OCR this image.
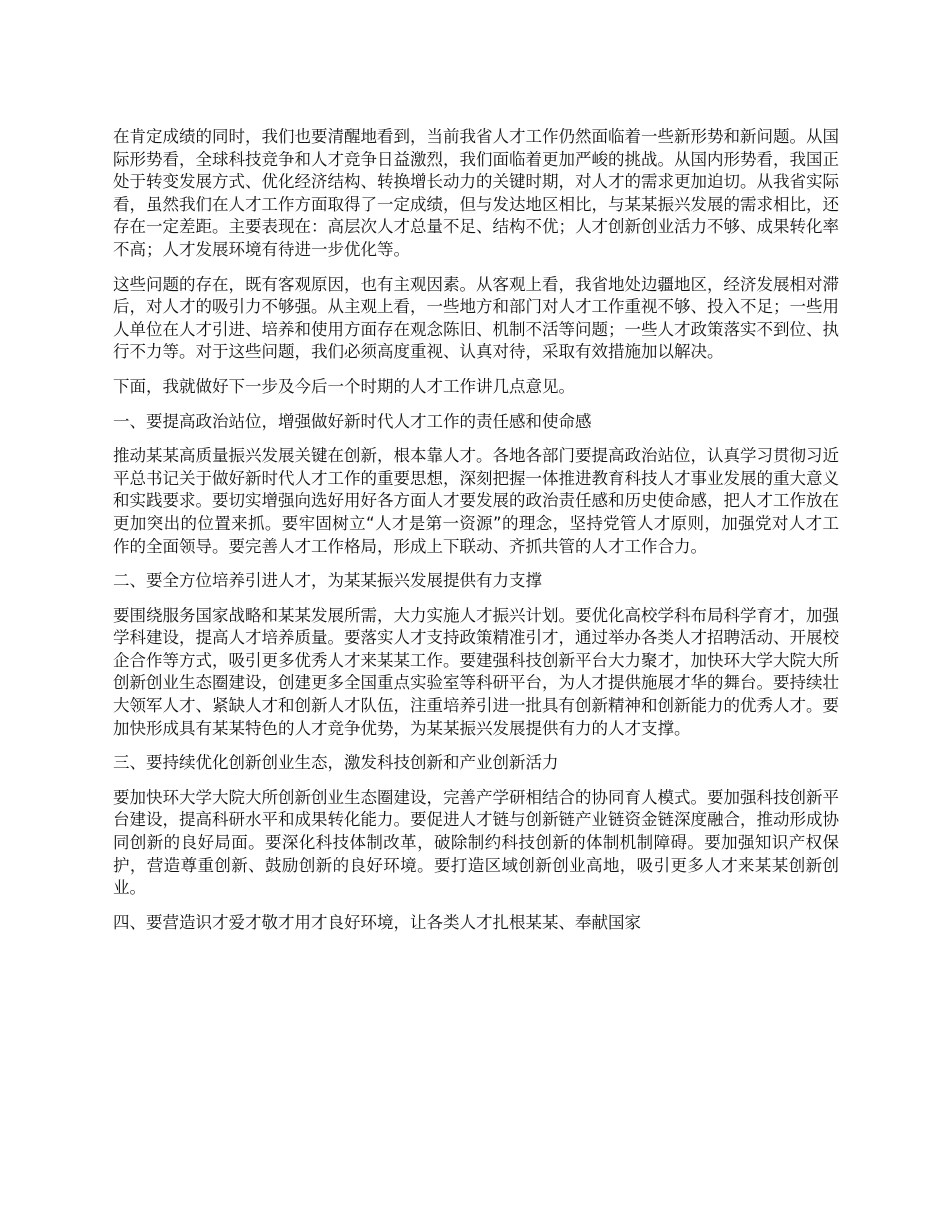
在肯定成绩的同时，我们也要清醒地看到，当前我省人才工作仍然面临着一些新形势和新问题。从国际形势看，全球科技竞争和人才竞争日益激烈，我们面临着更加严峻的挑战。从国内形势看，我国正处于转变发展方式、优化经济结构、转换增长动力的关键时期，对人才的需求更加迫切。从我省实际看，虽然我们在人才工作方面取得了一定成绩，但与发达地区相比，与某某振兴发展的需求相比，还存在一定差距。主要表现在：高层次人才总量不足、结构不优；人才创新创业活力不够、成果转化率不高；人才发展环境有待进一步优化等。

这些问题的存在，既有客观原因，也有主观因素。从客观上看，我省地处边疆地区，经济发展相对滞后，对人才的吸引力不够强。从主观上看，一些地方和部门对人才工作重视不够、投入不足；一些用人单位在人才引进、培养和使用方面存在观念陈旧、机制不活等问题；一些人才政策落实不到位、执行不力等。对于这些问题，我们必须高度重视、认真对待，采取有效措施加以解决。

下面，我就做好下一步及今后一个时期的人才工作讲几点意见。

一、要提高政治站位，增强做好新时代人才工作的责任感和使命感

推动某某高质量振兴发展关键在创新，根本靠人才。各地各部门要提高政治站位，认真学习贯彻习近平总书记关于做好新时代人才工作的重要思想，深刻把握一体推进教育科技人才事业发展的重大意义和实践要求。要切实增强向选好用好各方面人才要发展的政治责任感和历史使命感，把人才工作放在更加突出的位置来抓。要牢固树立“人才是第一资源”的理念，坚持党管人才原则，加强党对人才工作的全面领导。要完善人才工作格局，形成上下联动、齐抓共管的人才工作合力。

二、要全方位培养引进人才，为某某振兴发展提供有力支撑

要围绕服务国家战略和某某发展所需，大力实施人才振兴计划。要优化高校学科布局科学育才，加强学科建设，提高人才培养质量。要落实人才支持政策精准引才，通过举办各类人才招聘活动、开展校企合作等方式，吸引更多优秀人才来某某工作。要建强科技创新平台大力聚才，加快环大学大院大所创新创业生态圈建设，创建更多全国重点实验室等科研平台，为人才提供施展才华的舞台。要持续壮大领军人才、紧缺人才和创新人才队伍，注重培养引进一批具有创新精神和创新能力的优秀人才。要加快形成具有某某特色的人才竞争优势，为某某振兴发展提供有力的人才支撑。

三、要持续优化创新创业生态，激发科技创新和产业创新活力

要加快环大学大院大所创新创业生态圈建设，完善产学研相结合的协同育人模式。要加强科技创新平台建设，提高科研水平和成果转化能力。要促进人才链与创新链产业链资金链深度融合，推动形成协同创新的良好局面。要深化科技体制改革，破除制约科技创新的体制机制障碍。要加强知识产权保护，营造尊重创新、鼓励创新的良好环境。要打造区域创新创业高地，吸引更多人才来某某创新创业。

四、要营造识才爱才敬才用才良好环境，让各类人才扎根某某、奉献国家
